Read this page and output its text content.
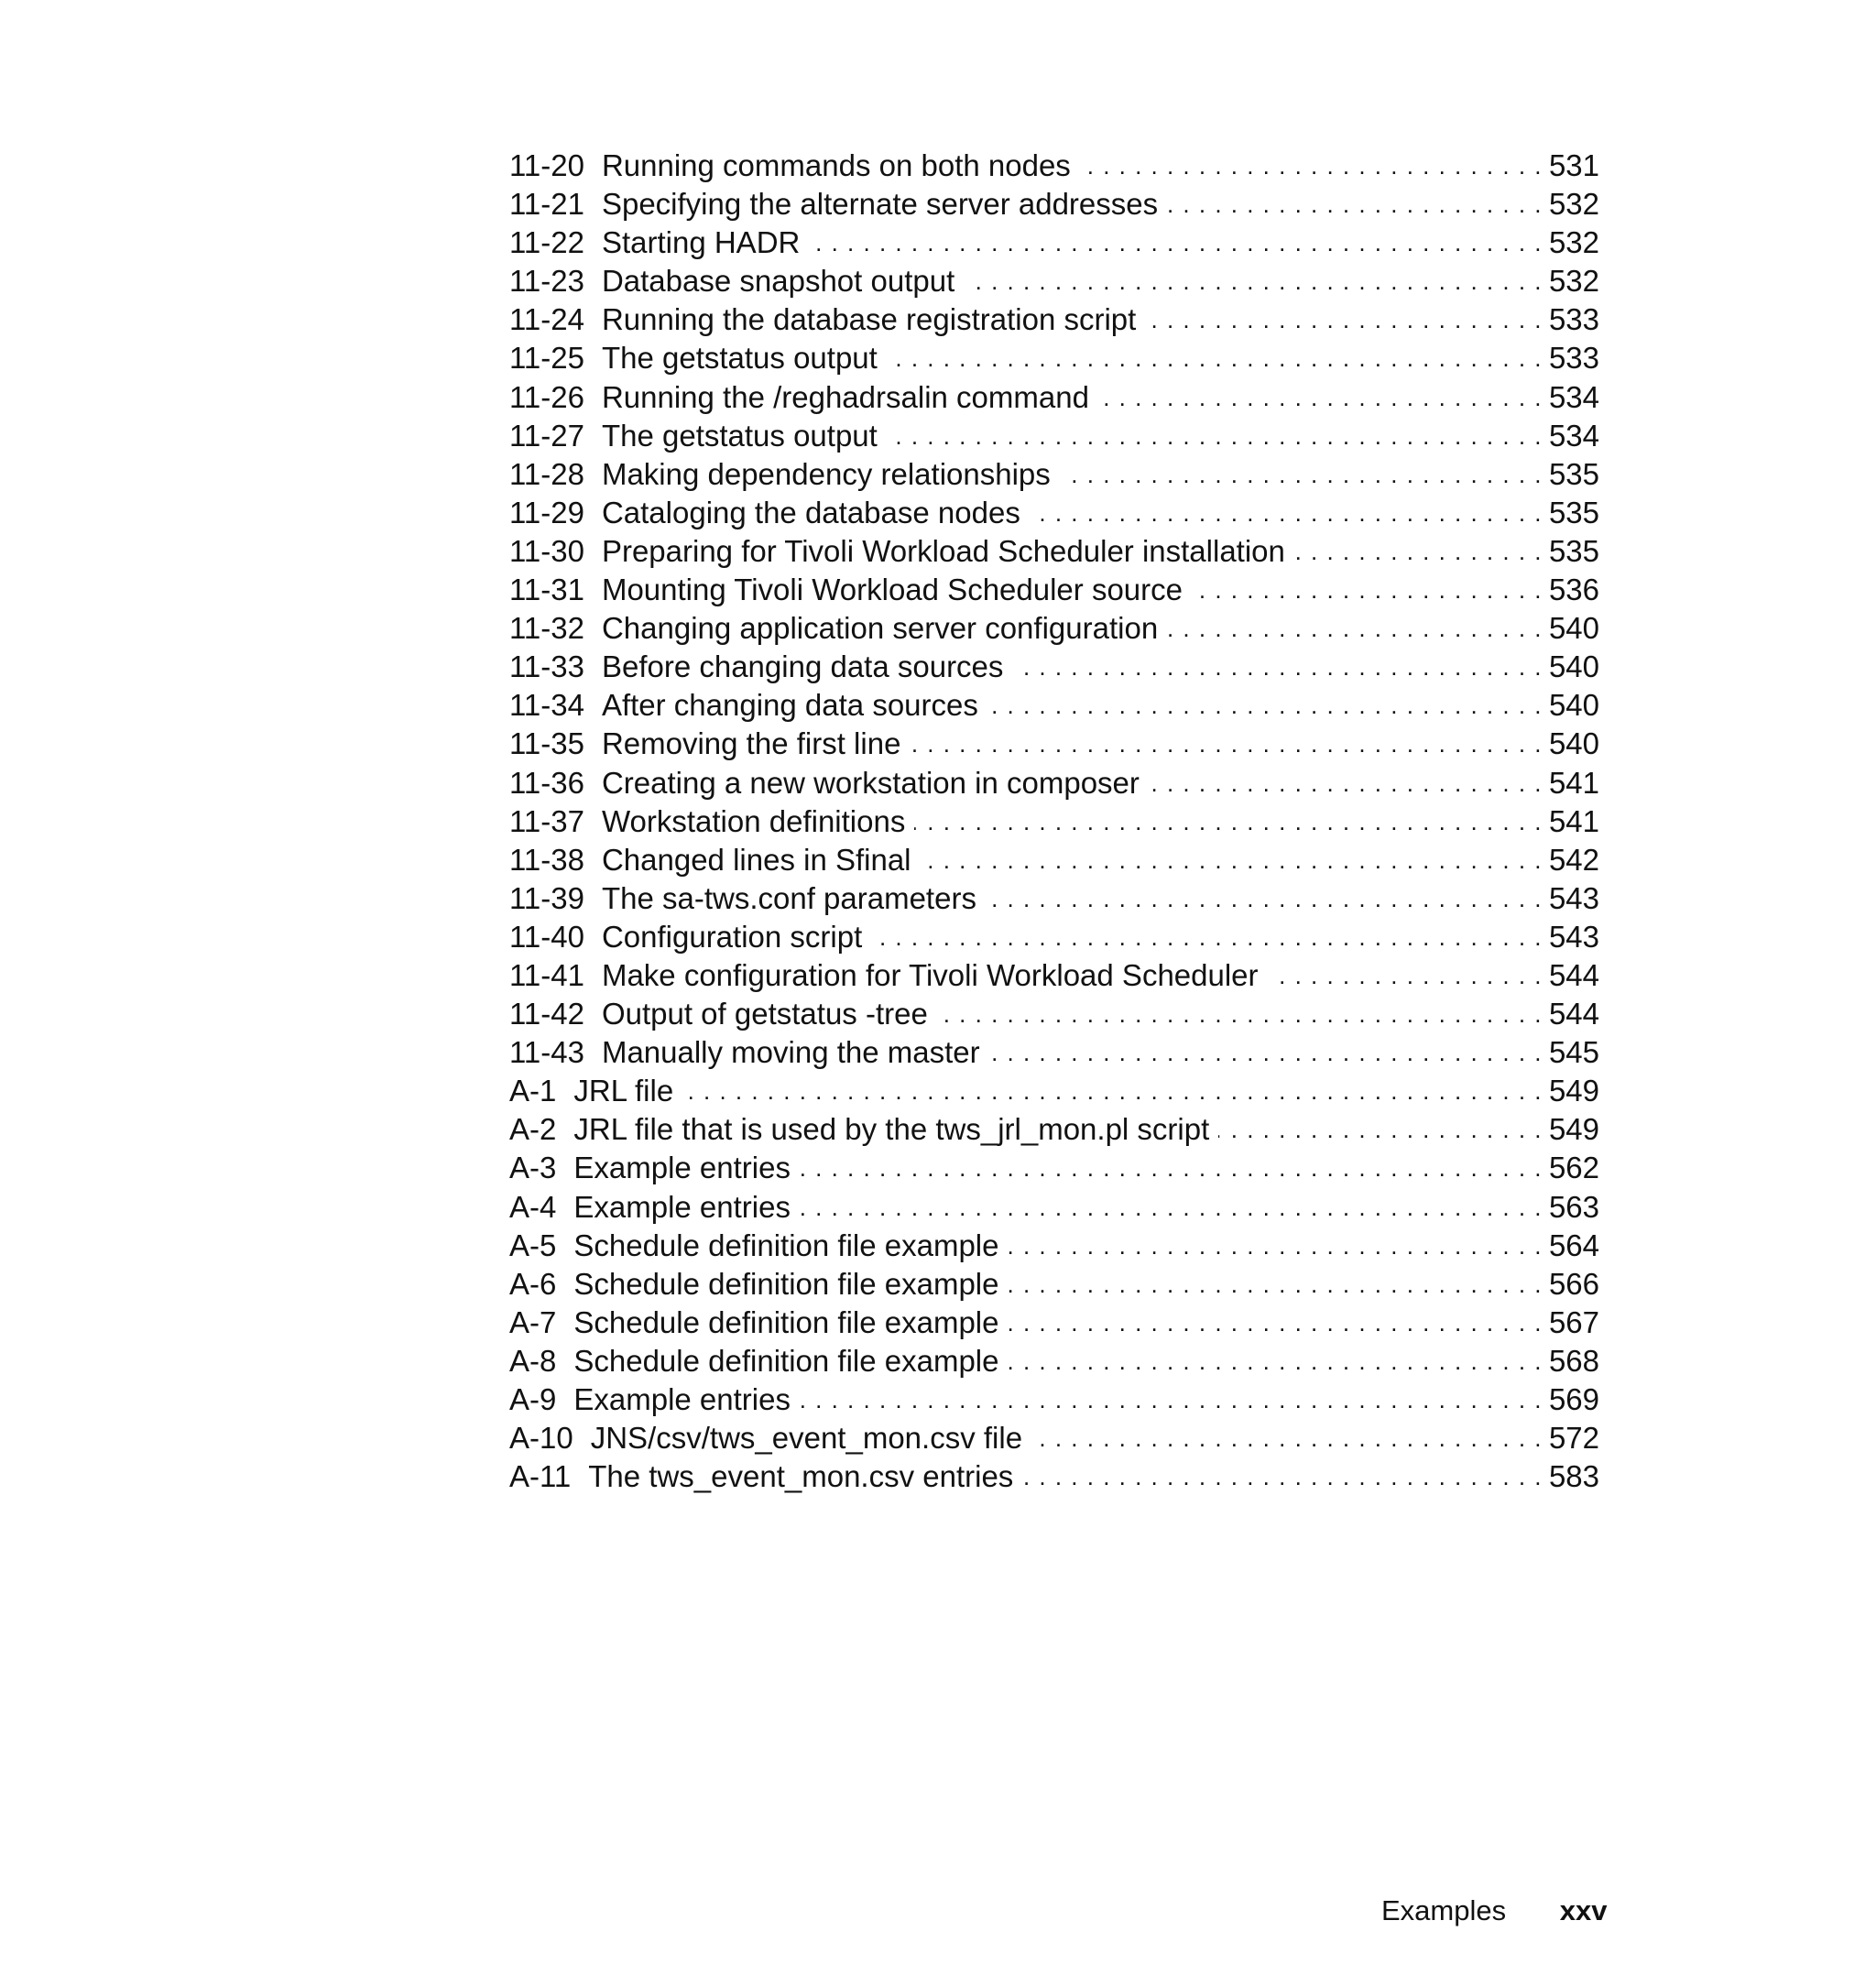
11-20 Running commands on both nodes . . .	531
11-21 Specifying the alternate server addresses . . .	532
11-22 Starting HADR . . .	532
11-23 Database snapshot output . . .	532
11-24 Running the database registration script . . .	533
11-25 The getstatus output . . .	533
11-26 Running the /reghadrsalin command . . .	534
11-27 The getstatus output . . .	534
11-28 Making dependency relationships . . .	535
11-29 Cataloging the database nodes . . .	535
11-30 Preparing for Tivoli Workload Scheduler installation . . .	535
11-31 Mounting Tivoli Workload Scheduler source . . .	536
11-32 Changing application server configuration . . .	540
11-33 Before changing data sources . . .	540
11-34 After changing data sources . . .	540
11-35 Removing the first line . . .	540
11-36 Creating a new workstation in composer . . .	541
11-37 Workstation definitions . . .	541
11-38 Changed lines in Sfinal . . .	542
11-39 The sa-tws.conf parameters . . .	543
11-40 Configuration script . . .	543
11-41 Make configuration for Tivoli Workload Scheduler . . .	544
11-42 Output of getstatus -tree . . .	544
11-43 Manually moving the master . . .	545
A-1 JRL file . . .	549
A-2 JRL file that is used by the tws_jrl_mon.pl script . . .	549
A-3 Example entries . . .	562
A-4 Example entries . . .	563
A-5 Schedule definition file example . . .	564
A-6 Schedule definition file example . . .	566
A-7 Schedule definition file example . . .	567
A-8 Schedule definition file example . . .	568
A-9 Example entries . . .	569
A-10 JNS/csv/tws_event_mon.csv file . . .	572
A-11 The tws_event_mon.csv entries . . .	583
Examples xxv
